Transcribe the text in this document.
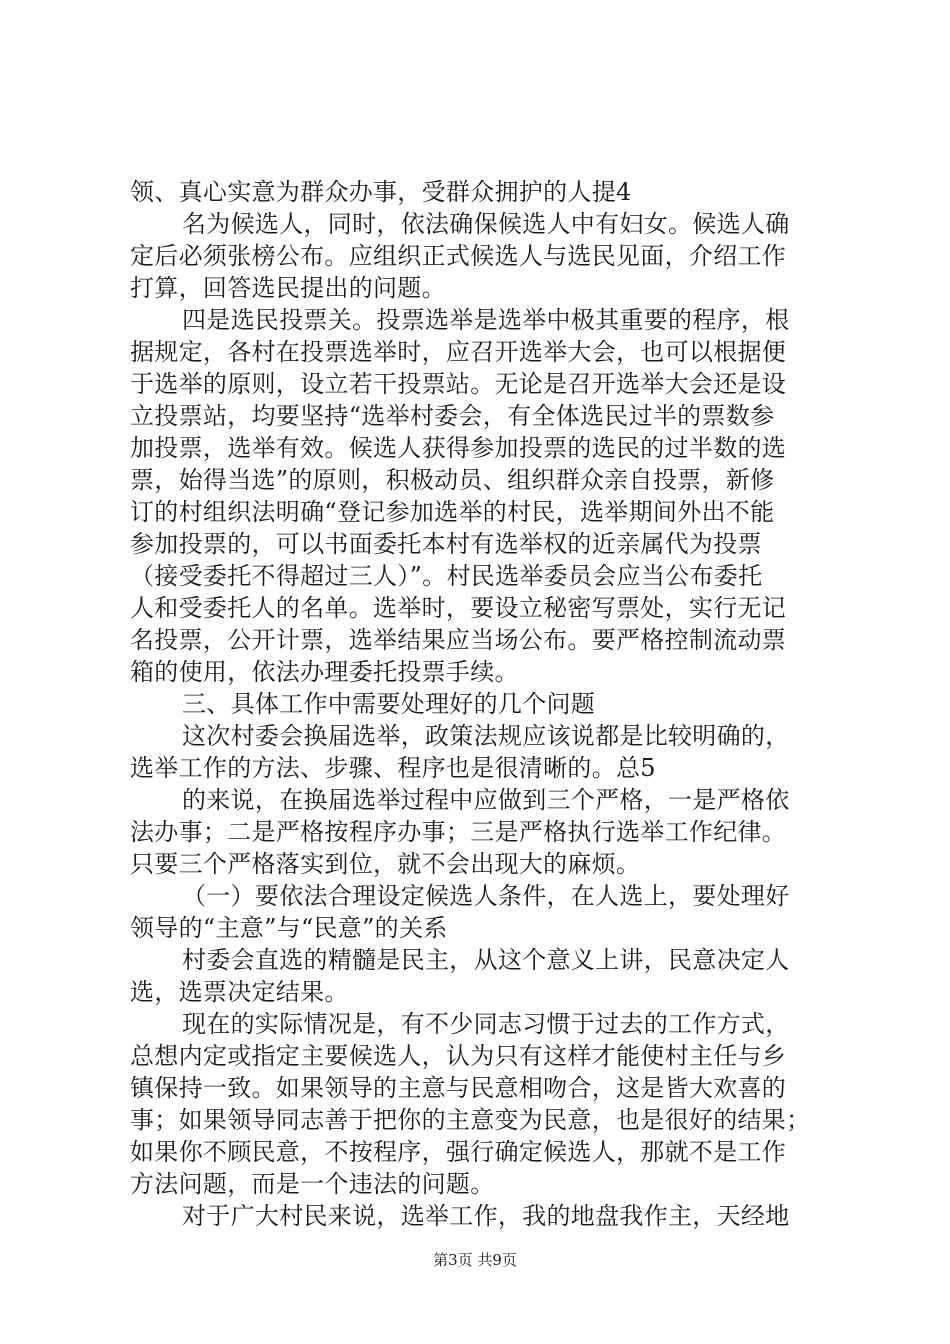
领、真心实意为群众办事，受群众拥护的人提4
名为候选人，同时，依法确保候选人中有妇女。候选人确
定后必须张榜公布。应组织正式候选人与选民见面，介绍工作
打算，回答选民提出的问题。
四是选民投票关。投票选举是选举中极其重要的程序，根
据规定，各村在投票选举时，应召开选举大会，也可以根据便
于选举的原则，设立若干投票站。无论是召开选举大会还是设
立投票站，均要坚持“选举村委会，有全体选民过半的票数参
加投票，选举有效。候选人获得参加投票的选民的过半数的选
票，始得当选”的原则，积极动员、组织群众亲自投票，新修
订的村组织法明确“登记参加选举的村民，选举期间外出不能
参加投票的，可以书面委托本村有选举权的近亲属代为投票
（接受委托不得超过三人）”。村民选举委员会应当公布委托
人和受委托人的名单。选举时，要设立秘密写票处，实行无记
名投票，公开计票，选举结果应当场公布。要严格控制流动票
箱的使用，依法办理委托投票手续。
三、具体工作中需要处理好的几个问题
这次村委会换届选举，政策法规应该说都是比较明确的，
选举工作的方法、步骤、程序也是很清晰的。总5
的来说，在换届选举过程中应做到三个严格，一是严格依
法办事；二是严格按程序办事；三是严格执行选举工作纪律。
只要三个严格落实到位，就不会出现大的麻烦。
（一）要依法合理设定候选人条件，在人选上，要处理好
领导的“主意”与“民意”的关系
村委会直选的精髓是民主，从这个意义上讲，民意决定人
选，选票决定结果。
现在的实际情况是，有不少同志习惯于过去的工作方式，
总想内定或指定主要候选人，认为只有这样才能使村主任与乡
镇保持一致。如果领导的主意与民意相吻合，这是皆大欢喜的
事；如果领导同志善于把你的主意变为民意，也是很好的结果；
如果你不顾民意，不按程序，强行确定候选人，那就不是工作
方法问题，而是一个违法的问题。
对于广大村民来说，选举工作，我的地盘我作主，天经地
第3页 共9页
